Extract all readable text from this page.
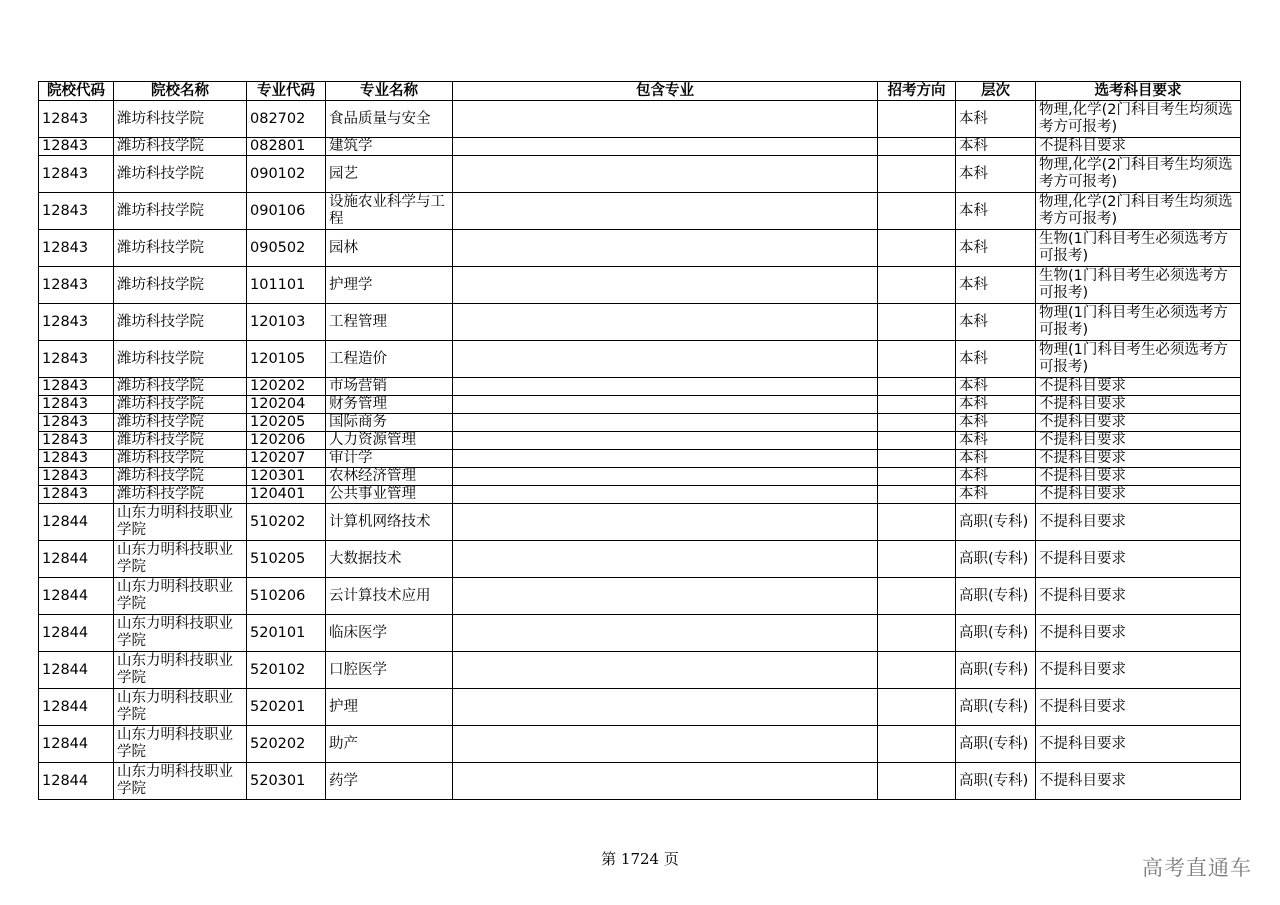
院校代码	院校名称	专业代码	专业名称	包含专业	招考方向	层次	选考科目要求
12843	潍坊科技学院	082702	食品质量与安全			本科	物理,化学(2门科目考生均须选考方可报考)
12843	潍坊科技学院	082801	建筑学			本科	不提科目要求
12843	潍坊科技学院	090102	园艺			本科	物理,化学(2门科目考生均须选考方可报考)
12843	潍坊科技学院	090106	设施农业科学与工程			本科	物理,化学(2门科目考生均须选考方可报考)
12843	潍坊科技学院	090502	园林			本科	生物(1门科目考生必须选考方可报考)
12843	潍坊科技学院	101101	护理学			本科	生物(1门科目考生必须选考方可报考)
12843	潍坊科技学院	120103	工程管理			本科	物理(1门科目考生必须选考方可报考)
12843	潍坊科技学院	120105	工程造价			本科	物理(1门科目考生必须选考方可报考)
12843	潍坊科技学院	120202	市场营销			本科	不提科目要求
12843	潍坊科技学院	120204	财务管理			本科	不提科目要求
12843	潍坊科技学院	120205	国际商务			本科	不提科目要求
12843	潍坊科技学院	120206	人力资源管理			本科	不提科目要求
12843	潍坊科技学院	120207	审计学			本科	不提科目要求
12843	潍坊科技学院	120301	农林经济管理			本科	不提科目要求
12843	潍坊科技学院	120401	公共事业管理			本科	不提科目要求
12844	山东力明科技职业学院	510202	计算机网络技术			高职(专科)	不提科目要求
12844	山东力明科技职业学院	510205	大数据技术			高职(专科)	不提科目要求
12844	山东力明科技职业学院	510206	云计算技术应用			高职(专科)	不提科目要求
12844	山东力明科技职业学院	520101	临床医学			高职(专科)	不提科目要求
12844	山东力明科技职业学院	520102	口腔医学			高职(专科)	不提科目要求
12844	山东力明科技职业学院	520201	护理			高职(专科)	不提科目要求
12844	山东力明科技职业学院	520202	助产			高职(专科)	不提科目要求
12844	山东力明科技职业学院	520301	药学			高职(专科)	不提科目要求
第 1724 页	高考直通车
